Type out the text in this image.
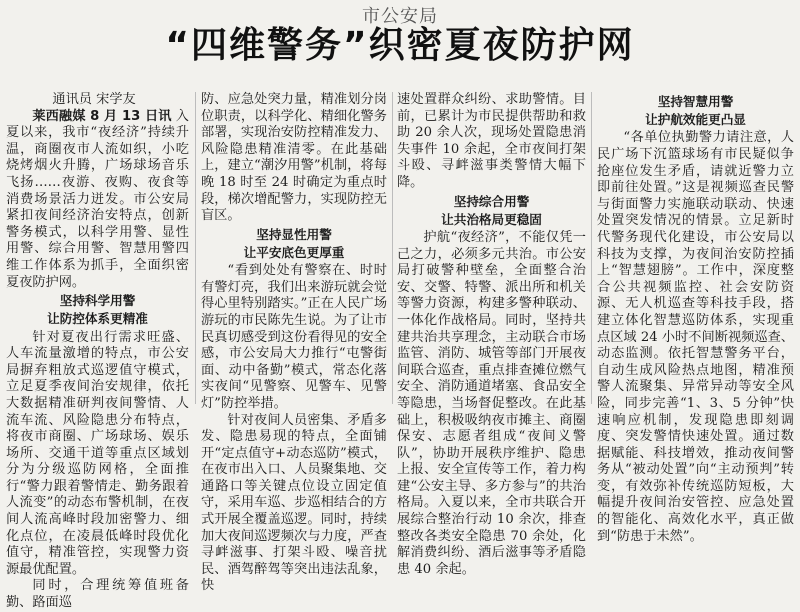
市公安局
“四维警务”织密夏夜防护网

通讯员 宋学友

莱西融媒 8 月 13 日讯 入夏以来，我市“夜经济”持续升温，商圈夜市人流如织，小吃烧烤烟火升腾，广场球场音乐飞扬……夜游、夜购、夜食等消费场景活力迸发。市公安局紧扣夜间经济治安特点，创新警务模式，以科学用警、显性用警、综合用警、智慧用警四维工作体系为抓手，全面织密夏夜防护网。

坚持科学用警
让防控体系更精准

针对夏夜出行需求旺盛、人车流量激增的特点，市公安局摒弃粗放式巡逻值守模式，立足夏季夜间治安规律，依托大数据精准研判夜间警情、人流车流、风险隐患分布特点，将夜市商圈、广场球场、娱乐场所、交通干道等重点区域划分为分级巡防网格，全面推行“警力跟着警情走、勤务跟着人流变”的动态布警机制，在夜间人流高峰时段加密警力、细化点位，在凌晨低峰时段优化值守，精准管控，实现警力资源最优配置。

同时，合理统筹值班备勤、路面巡

防、应急处突力量，精准划分岗位职责，以科学化、精细化警务部署，实现治安防控精准发力、风险隐患精准清零。在此基础上，建立“潮汐用警”机制，将每晚 18 时至 24 时确定为重点时段，梯次增配警力，实现防控无盲区。

坚持显性用警
让平安底色更厚重

“看到处处有警察在、时时有警灯亮，我们出来游玩就会觉得心里特别踏实。”正在人民广场游玩的市民陈先生说。为了让市民真切感受到这份看得见的安全感，市公安局大力推行“屯警街面、动中备勤”模式，常态化落实夜间“见警察、见警车、见警灯”防控举措。

针对夜间人员密集、矛盾多发、隐患易现的特点，全面铺开“定点值守+动态巡防”模式，在夜市出入口、人员聚集地、交通路口等关键点位设立固定值守，采用车巡、步巡相结合的方式开展全覆盖巡逻。同时，持续加大夜间巡逻频次与力度，严查寻衅滋事、打架斗殴、噪音扰民、酒驾醉驾等突出违法乱象，快

速处置群众纠纷、求助警情。目前，已累计为市民提供帮助和救助 20 余人次，现场处置隐患消失事件 10 余起，全市夜间打架斗殴、寻衅滋事类警情大幅下降。

坚持综合用警
让共治格局更稳固

护航“夜经济”，不能仅凭一己之力，必须多元共治。市公安局打破警种壁垒，全面整合治安、交警、特警、派出所和机关等警力资源，构建多警种联动、一体化作战格局。同时，坚持共建共治共享理念，主动联合市场监管、消防、城管等部门开展夜间联合巡查，重点排查摊位燃气安全、消防通道堵塞、食品安全等隐患，当场督促整改。在此基础上，积极吸纳夜市摊主、商圈保安、志愿者组成“夜间义警队”，协助开展秩序维护、隐患上报、安全宣传等工作，着力构建“公安主导、多方参与”的共治格局。入夏以来，全市共联合开展综合整治行动 10 余次，排查整改各类安全隐患 70 余处，化解消费纠纷、酒后滋事等矛盾隐患 40 余起。

坚持智慧用警
让护航效能更凸显

“各单位执勤警力请注意，人民广场下沉篮球场有市民疑似争抢座位发生矛盾，请就近警力立即前往处置。”这是视频巡查民警与街面警力实施联动联动、快速处置突发情况的情景。立足新时代警务现代化建设，市公安局以科技为支撑，为夜间治安防控插上“智慧翅膀”。工作中，深度整合公共视频监控、社会安防资源、无人机巡查等科技手段，搭建立体化智慧巡防体系，实现重点区域 24 小时不间断视频巡查、动态监测。依托智慧警务平台，自动生成风险热点地图，精准预警人流聚集、异常异动等安全风险，同步完善“1、3、5 分钟”快速响应机制，发现隐患即刻调度、突发警情快速处置。通过数据赋能、科技增效，推动夜间警务从“被动处置”向“主动预判”转变，有效弥补传统巡防短板，大幅提升夜间治安管控、应急处置的智能化、高效化水平，真正做到“防患于未然”。
